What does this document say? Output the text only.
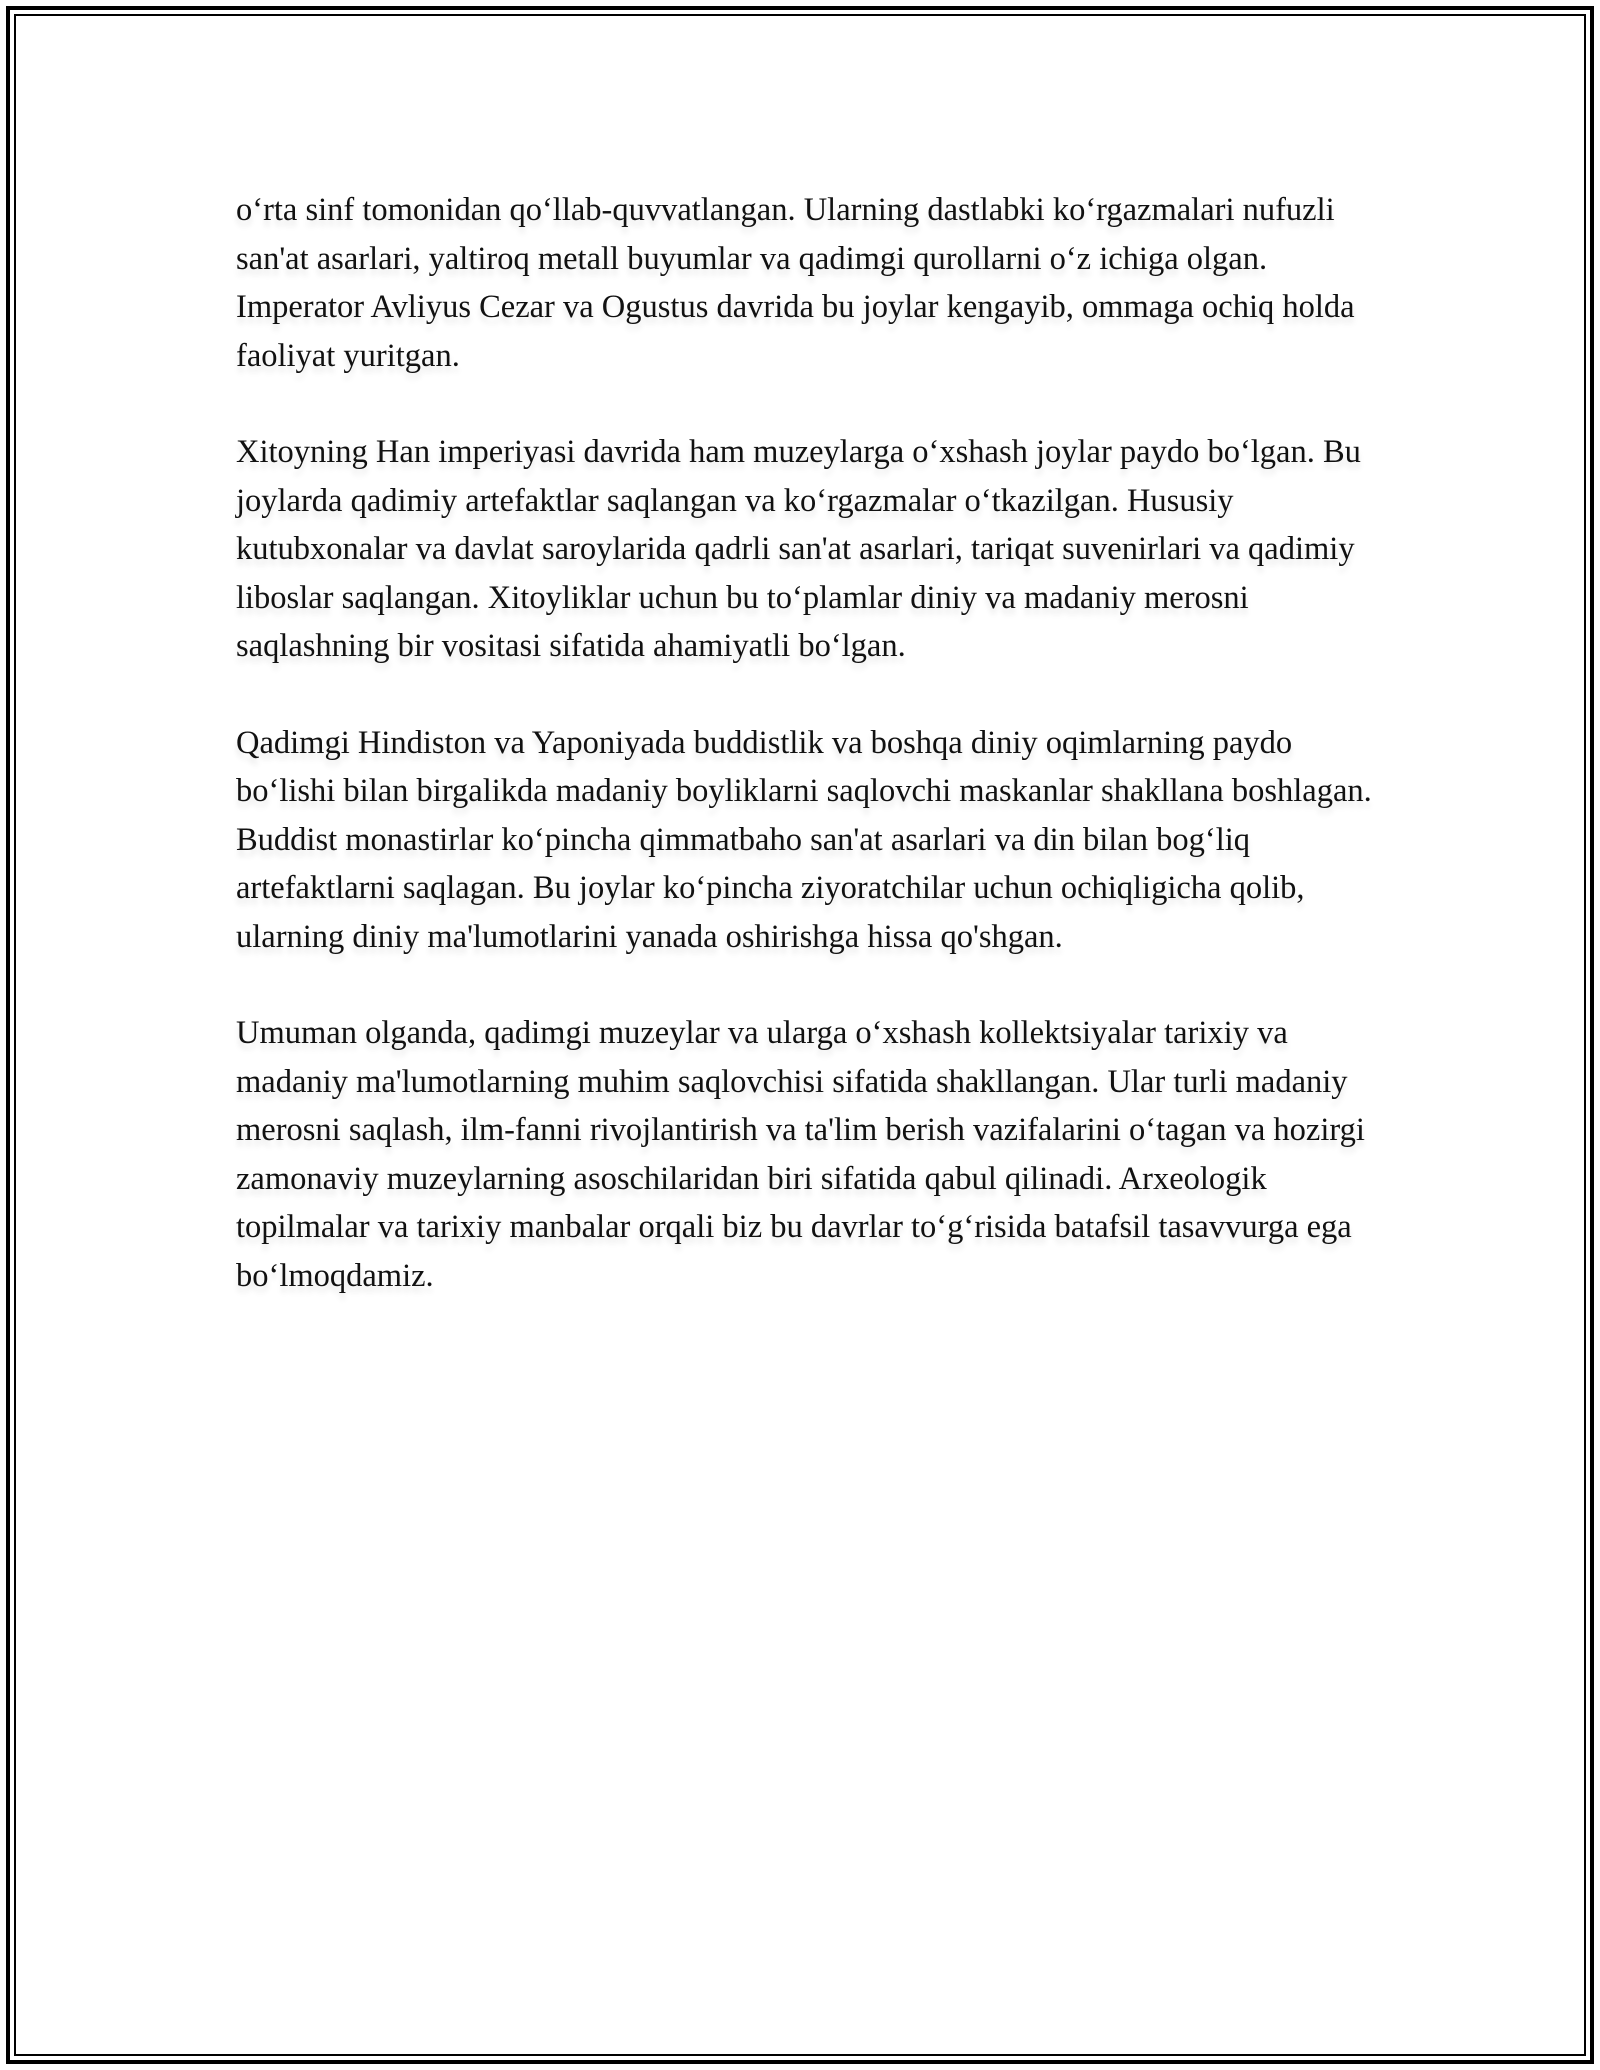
o‘rta sinf tomonidan qo‘llab-quvvatlangan. Ularning dastlabki ko‘rgazmalari nufuzli san'at asarlari, yaltiroq metall buyumlar va qadimgi qurollarni o‘z ichiga olgan. Imperator Avliyus Cezar va Ogustus davrida bu joylar kengayib, ommaga ochiq holda faoliyat yuritgan.

Xitoyning Han imperiyasi davrida ham muzeylarga o‘xshash joylar paydo bo‘lgan. Bu joylarda qadimiy artefaktlar saqlangan va ko‘rgazmalar o‘tkazilgan. Hususiy kutubxonalar va davlat saroylarida qadrli san'at asarlari, tariqat suvenirlari va qadimiy liboslar saqlangan. Xitoyliklar uchun bu to‘plamlar diniy va madaniy merosni saqlashning bir vositasi sifatida ahamiyatli bo‘lgan.

Qadimgi Hindiston va Yaponiyada buddistlik va boshqa diniy oqimlarning paydo bo‘lishi bilan birgalikda madaniy boyliklarni saqlovchi maskanlar shakllana boshlagan. Buddist monastirlar ko‘pincha qimmatbaho san'at asarlari va din bilan bog‘liq artefaktlarni saqlagan. Bu joylar ko‘pincha ziyoratchilar uchun ochiqligicha qolib, ularning diniy ma'lumotlarini yanada oshirishga hissa qo'shgan.

Umuman olganda, qadimgi muzeylar va ularga o‘xshash kollektsiyalar tarixiy va madaniy ma'lumotlarning muhim saqlovchisi sifatida shakllangan. Ular turli madaniy merosni saqlash, ilm-fanni rivojlantirish va ta'lim berish vazifalarini o‘tagan va hozirgi zamonaviy muzeylarning asoschilaridan biri sifatida qabul qilinadi. Arxeologik topilmalar va tarixiy manbalar orqali biz bu davrlar to‘g‘risida batafsil tasavvurga ega bo‘lmoqdamiz.
